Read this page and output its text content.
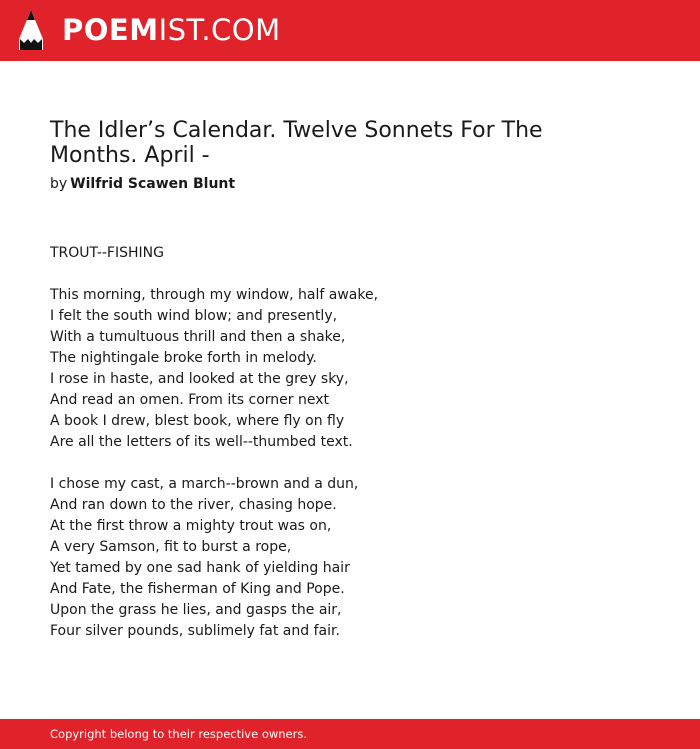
POEMIST.COM
The Idler’s Calendar. Twelve Sonnets For The Months. April -
by Wilfrid Scawen Blunt
TROUT--FISHING
This morning, through my window, half awake,
I felt the south wind blow; and presently,
With a tumultuous thrill and then a shake,
The nightingale broke forth in melody.
I rose in haste, and looked at the grey sky,
And read an omen. From its corner next
A book I drew, blest book, where fly on fly
Are all the letters of its well--thumbed text.
I chose my cast, a march--brown and a dun,
And ran down to the river, chasing hope.
At the first throw a mighty trout was on,
A very Samson, fit to burst a rope,
Yet tamed by one sad hank of yielding hair
And Fate, the fisherman of King and Pope.
Upon the grass he lies, and gasps the air,
Four silver pounds, sublimely fat and fair.
Copyright belong to their respective owners.
